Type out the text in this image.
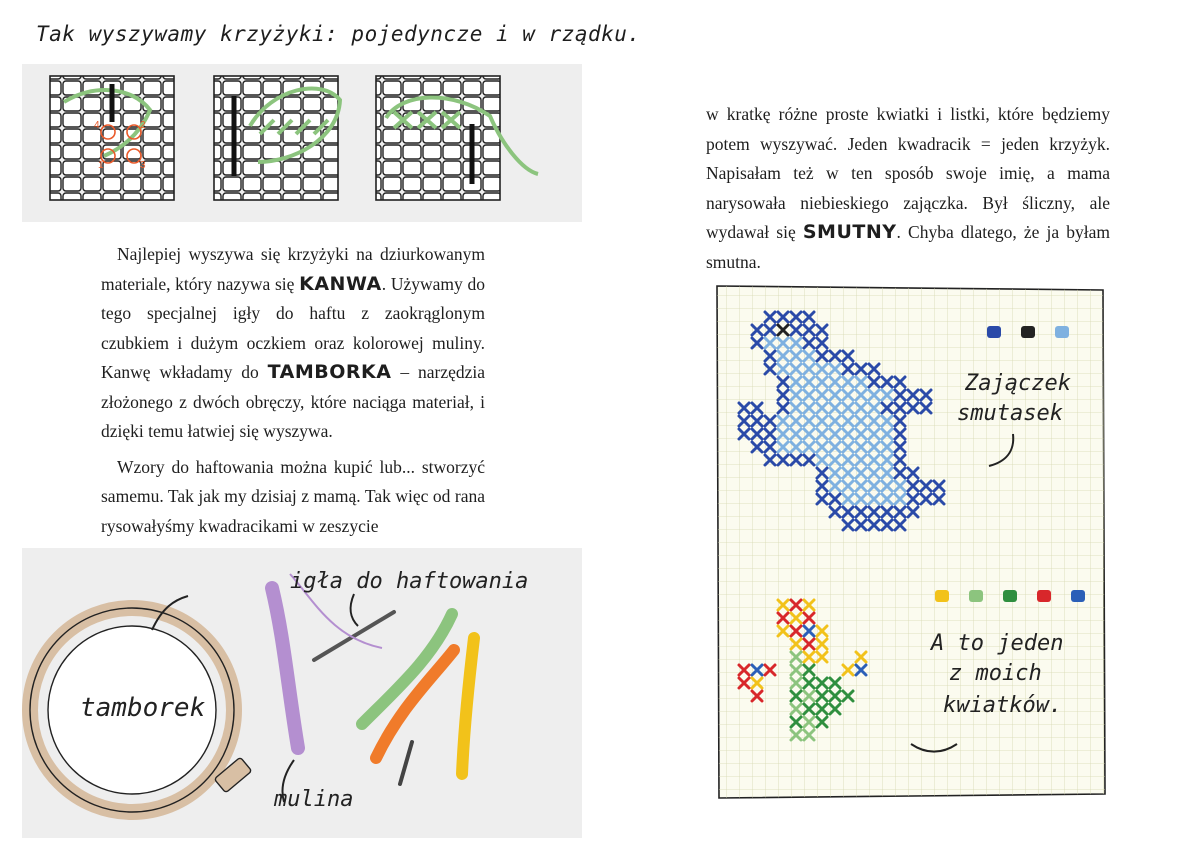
Tak wyszywamy krzyżyki: pojedyncze i w rządku.
4	2
1	3

Najlepiej wyszywa się krzyżyki na dziurkowanym materiale, który nazywa się KANWA. Używamy do tego specjalnej igły do haftu z zaokrąglonym czubkiem i dużym oczkiem oraz kolorowej muliny. Kanwę wkładamy do TAMBORKA – narzędzia złożonego z dwóch obręczy, które naciąga materiał, i dzięki temu łatwiej się wyszywa.

Wzory do haftowania można kupić lub... stworzyć samemu. Tak jak my dzisiaj z mamą. Tak więc od rana rysowałyśmy kwadracikami w zeszycie

tamborek
igła do haftowania
mulina

w kratkę różne proste kwiatki i listki, które będziemy potem wyszywać. Jeden kwadracik = jeden krzyżyk. Napisałam też w ten sposób swoje imię, a mama narysowała niebieskiego zajączka. Był śliczny, ale wydawał się SMUTNY. Chyba dlatego, że ja byłam smutna.

Zajączek
smutasek
A to jeden
z moich
kwiatków.
